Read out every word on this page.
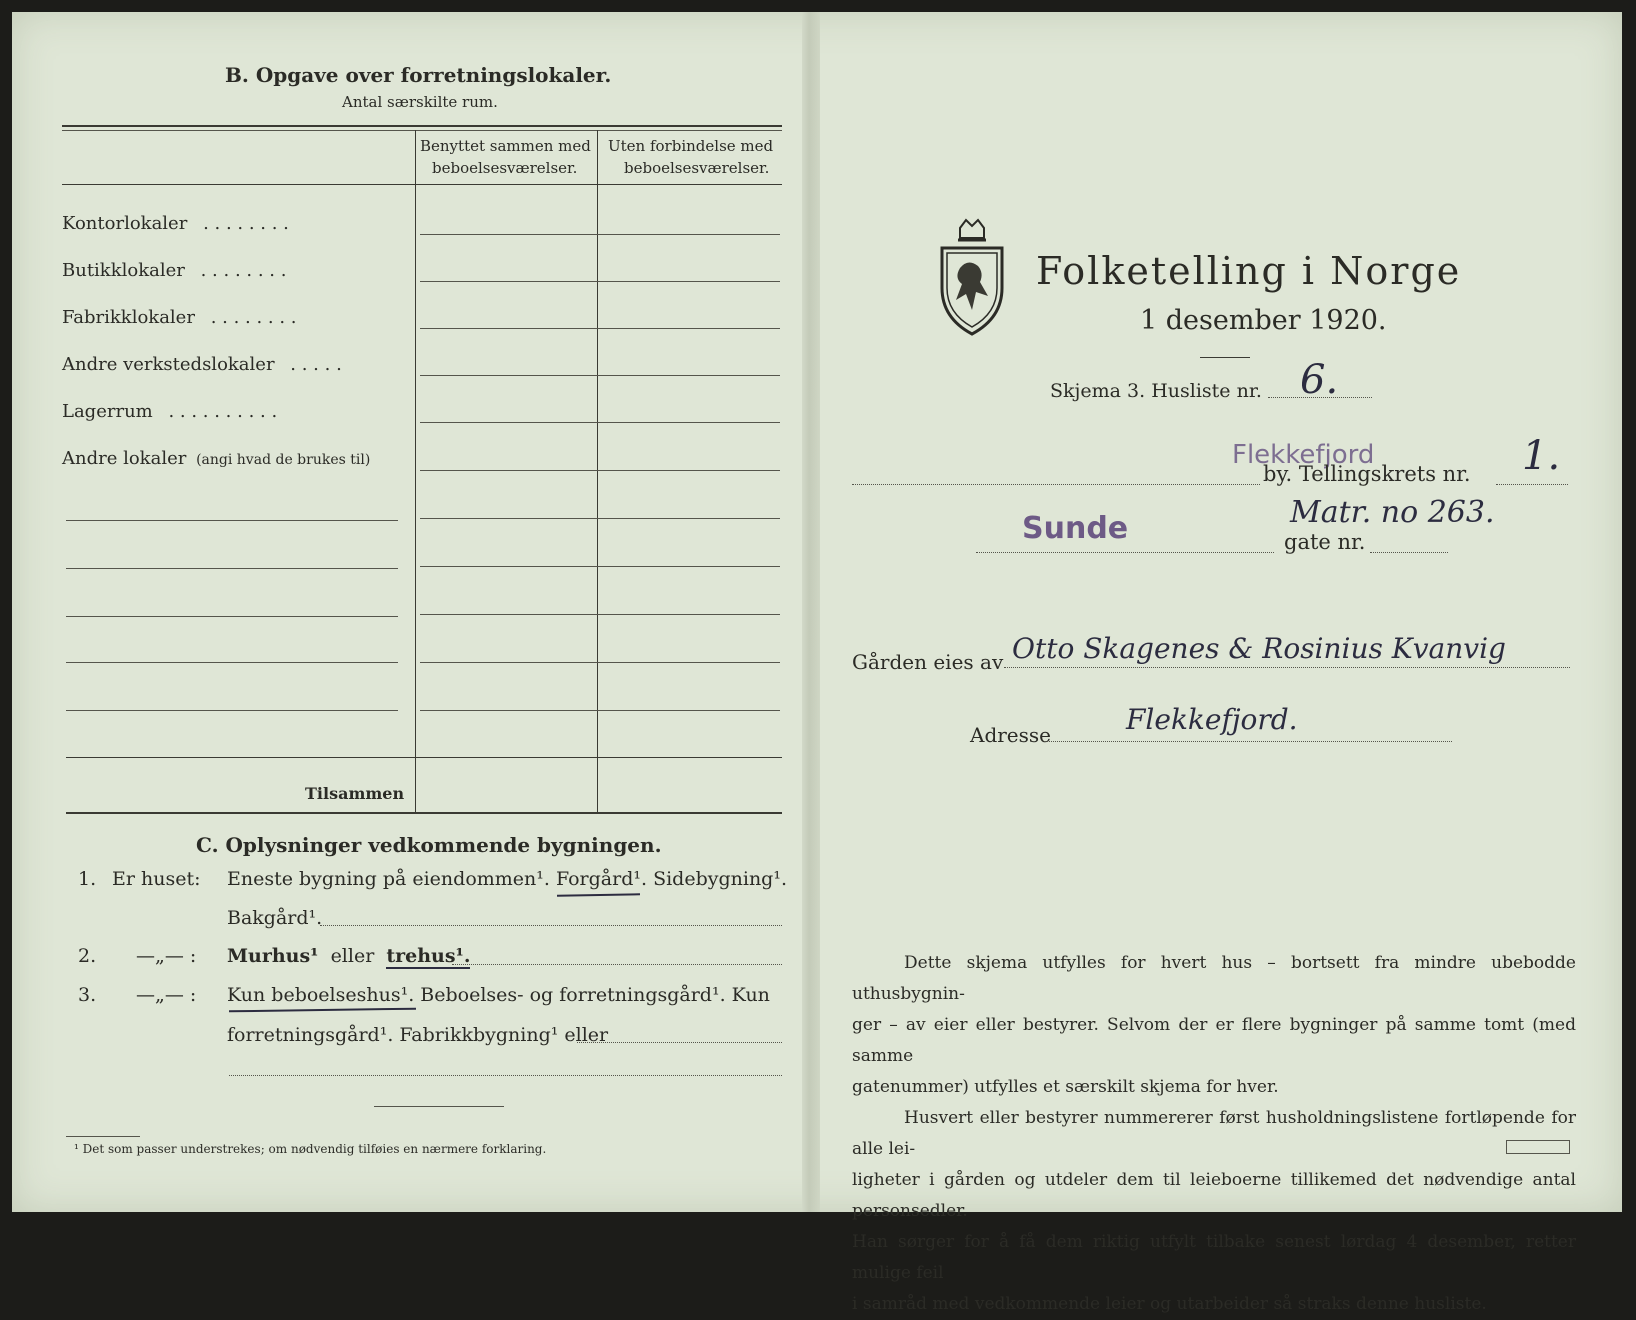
B. Opgave over forretningslokaler.
Antal særskilte rum.
Benyttet sammen med
beboelsesværelser.
Uten forbindelse med
beboelsesværelser.
Kontorlokaler . . . . . . . .
Butikklokaler . . . . . . . .
Fabrikklokaler . . . . . . . .
Andre verkstedslokaler . . . . .
Lagerrum . . . . . . . . . .
Andre lokaler (angi hvad de brukes til)
Tilsammen
C. Oplysninger vedkommende bygningen.
1. Er huset: Eneste bygning på eiendommen¹. Forgård¹. Sidebygning¹.
Bakgård¹.
2. —„— : Murhus¹ eller trehus¹.
3. —„— : Kun beboelseshus¹. Beboelses- og forretningsgård¹. Kun
forretningsgård¹. Fabrikkbygning¹ eller
¹ Det som passer understrekes; om nødvendig tilføies en nærmere forklaring.
Folketelling i Norge
1 desember 1920.
Skjema 3. Husliste nr. 6.
Flekkefjord
by. Tellingskrets nr. 1.
Sunde	Matr. no 263.
gate nr.
Gården eies av Otto Skagenes & Rosinius Kvanvig
Adresse	Flekkefjord.
Dette skjema utfylles for hvert hus – bortsett fra mindre ubebodde uthusbygnin-
ger – av eier eller bestyrer. Selvom der er flere bygninger på samme tomt (med samme
gatenummer) utfylles et særskilt skjema for hver.
Husvert eller bestyrer nummererer først husholdningslistene fortløpende for alle lei-
ligheter i gården og utdeler dem til leieboerne tillikemed det nødvendige antal personsedler.
Han sørger for å få dem riktig utfylt tilbake senest lørdag 4 desember, retter mulige feil
i samråd med vedkommende leier og utarbeider så straks denne husliste.
